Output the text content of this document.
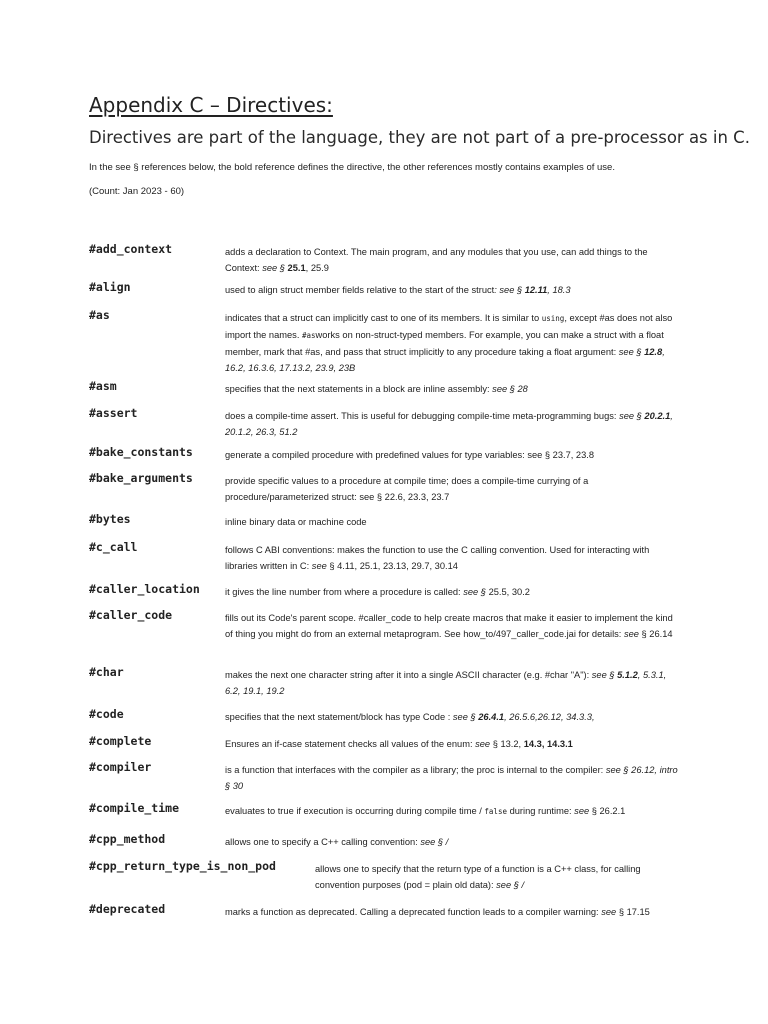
Appendix C – Directives:
Directives are part of the language, they are not part of a pre-processor as in C.

In the see § references below, the bold reference defines the directive, the other references mostly contains examples of use.

(Count: Jan 2023 - 60)

#add_context	adds a declaration to Context. The main program, and any modules that you use, can add things to the Context: see § 25.1, 25.9
#align	used to align struct member fields relative to the start of the struct: see § 12.11, 18.3
#as	indicates that a struct can implicitly cast to one of its members. It is similar to using, except #as does not also import the names. #asworks on non-struct-typed members. For example, you can make a struct with a float member, mark that #as, and pass that struct implicitly to any procedure taking a float argument: see § 12.8, 16.2, 16.3.6, 17.13.2, 23.9, 23B
#asm	specifies that the next statements in a block are inline assembly: see § 28
#assert	does a compile-time assert. This is useful for debugging compile-time meta-programming bugs: see § 20.2.1, 20.1.2, 26.3, 51.2
#bake_constants	generate a compiled procedure with predefined values for type variables: see § 23.7, 23.8
#bake_arguments	provide specific values to a procedure at compile time; does a compile-time currying of a procedure/parameterized struct: see § 22.6, 23.3, 23.7
#bytes	inline binary data or machine code
#c_call	follows C ABI conventions: makes the function to use the C calling convention. Used for interacting with libraries written in C: see § 4.11, 25.1, 23.13, 29.7, 30.14
#caller_location	it gives the line number from where a procedure is called: see § 25.5, 30.2
#caller_code	fills out its Code's parent scope. #caller_code to help create macros that make it easier to implement the kind of thing you might do from an external metaprogram. See how_to/497_caller_code.jai for details: see § 26.14
#char	makes the next one character string after it into a single ASCII character (e.g. #char "A"): see § 5.1.2, 5.3.1, 6.2, 19.1, 19.2
#code	specifies that the next statement/block has type Code : see § 26.4.1, 26.5.6,26.12, 34.3.3,
#complete	Ensures an if-case statement checks all values of the enum: see § 13.2, 14.3, 14.3.1
#compiler	is a function that interfaces with the compiler as a library; the proc is internal to the compiler: see § 26.12, intro § 30
#compile_time	evaluates to true if execution is occurring during compile time / false during runtime: see § 26.2.1
#cpp_method	allows one to specify a C++ calling convention: see § /
#cpp_return_type_is_non_pod	allows one to specify that the return type of a function is a C++ class, for calling convention purposes (pod = plain old data): see § /
#deprecated	marks a function as deprecated. Calling a deprecated function leads to a compiler warning: see § 17.15
